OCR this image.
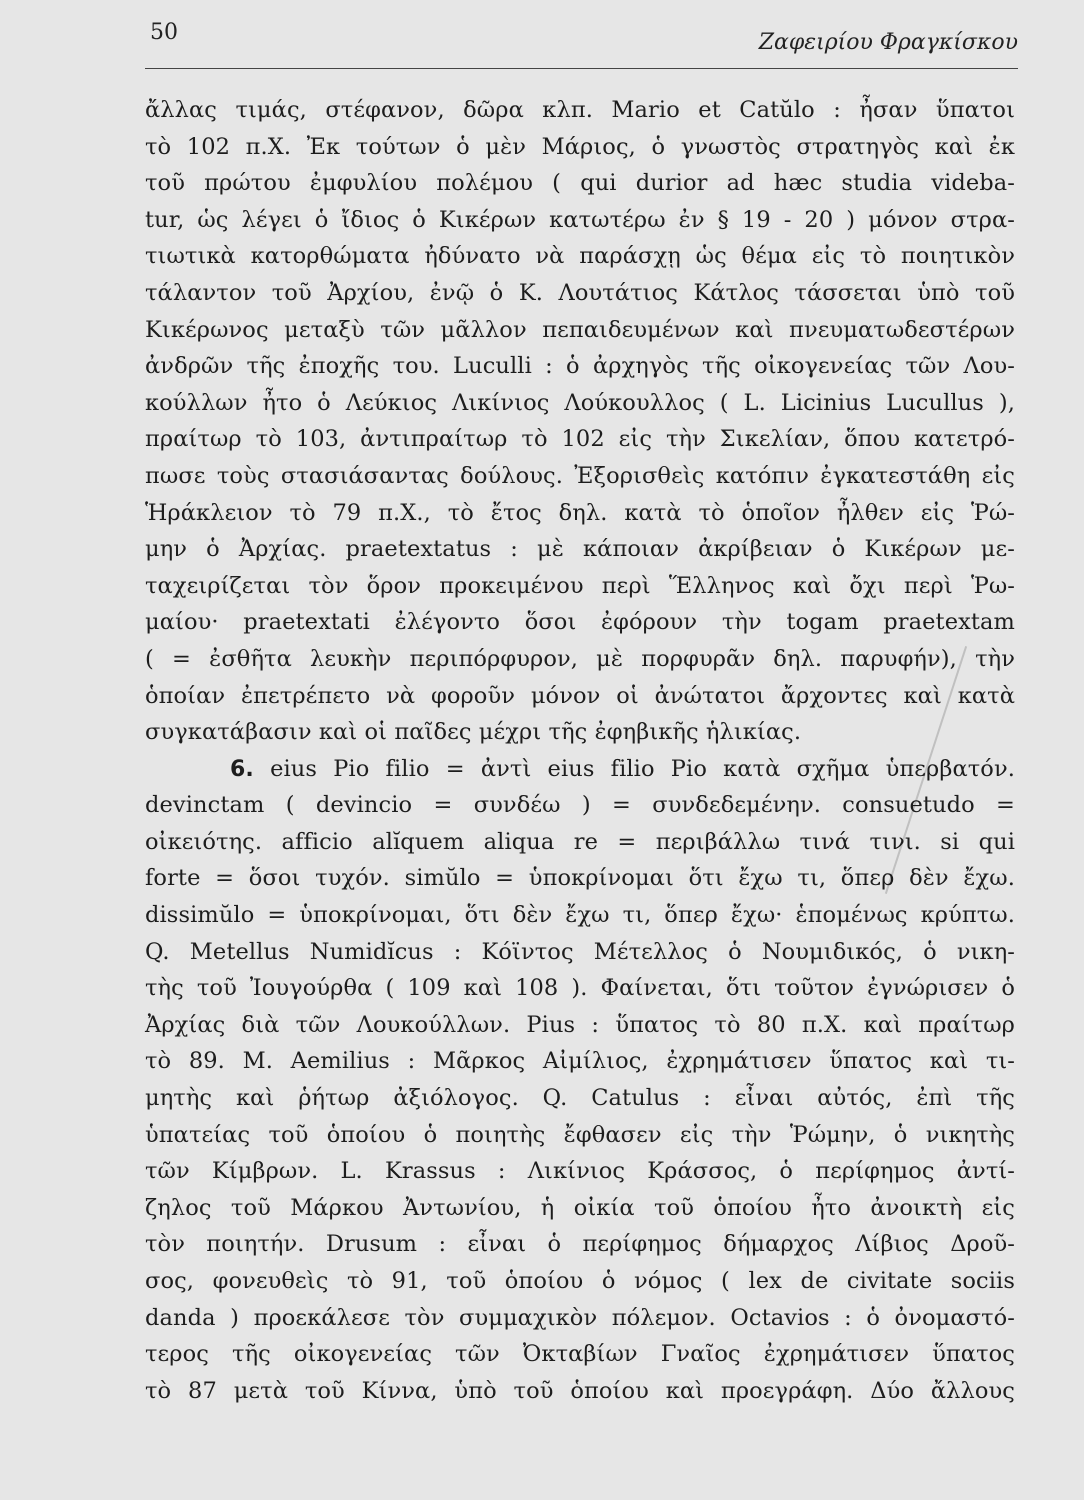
50	Ζαφειρίου Φραγκίσκου
ἄλλας τιμάς, στέφανον, δῶρα κλπ. Mario et Catŭlo : ἦσαν ὕπατοι
τὸ 102 π.Χ. Ἐκ τούτων ὁ μὲν Μάριος, ὁ γνωστὸς στρατηγὸς καὶ ἐκ
τοῦ πρώτου ἐμφυλίου πολέμου ( qui durior ad hæc studia videba-
tur, ὡς λέγει ὁ ἴδιος ὁ Κικέρων κατωτέρω ἐν § 19 - 20 ) μόνον στρα-
τιωτικὰ κατορθώματα ἠδύνατο νὰ παράσχῃ ὡς θέμα εἰς τὸ ποιητικὸν
τάλαντον τοῦ Ἀρχίου, ἐνῷ ὁ Κ. Λουτάτιος Κάτλος τάσσεται ὑπὸ τοῦ
Κικέρωνος μεταξὺ τῶν μᾶλλον πεπαιδευμένων καὶ πνευματωδεστέρων
ἀνδρῶν τῆς ἐποχῆς του. Luculli : ὁ ἀρχηγὸς τῆς οἰκογενείας τῶν Λου-
κούλλων ἦτο ὁ Λεύκιος Λικίνιος Λούκουλλος ( L. Licinius Lucullus ),
πραίτωρ τὸ 103, ἀντιπραίτωρ τὸ 102 εἰς τὴν Σικελίαν, ὅπου κατετρό-
πωσε τοὺς στασιάσαντας δούλους. Ἐξορισθεὶς κατόπιν ἐγκατεστάθη εἰς
Ἡράκλειον τὸ 79 π.Χ., τὸ ἔτος δηλ. κατὰ τὸ ὁποῖον ἦλθεν εἰς Ῥώ-
μην ὁ Ἀρχίας. praetextatus : μὲ κάποιαν ἀκρίβειαν ὁ Κικέρων με-
ταχειρίζεται τὸν ὅρον προκειμένου περὶ Ἕλληνος καὶ ὄχι περὶ Ῥω-
μαίου· praetextati ἐλέγοντο ὅσοι ἐφόρουν τὴν togam praetextam
( = ἐσθῆτα λευκὴν περιπόρφυρον, μὲ πορφυρᾶν δηλ. παρυφήν), τὴν
ὁποίαν ἐπετρέπετο νὰ φοροῦν μόνον οἱ ἀνώτατοι ἄρχοντες καὶ κατὰ
συγκατάβασιν καὶ οἱ παῖδες μέχρι τῆς ἐφηβικῆς ἡλικίας.
6. eius Pio filio = ἀντὶ eius filio Pio κατὰ σχῆμα ὑπερβατόν.
devinctam ( devincio = συνδέω ) = συνδεδεμένην. consuetudo =
οἰκειότης. afficio alĭquem aliqua re = περιβάλλω τινά τινι. si qui
forte = ὅσοι τυχόν. simŭlo = ὑποκρίνομαι ὅτι ἔχω τι, ὅπερ δὲν ἔχω.
dissimŭlo = ὑποκρίνομαι, ὅτι δὲν ἔχω τι, ὅπερ ἔχω· ἑπομένως κρύπτω.
Q. Metellus Numidĭcus : Κόϊντος Μέτελλος ὁ Νουμιδικός, ὁ νικη-
τὴς τοῦ Ἰουγούρθα ( 109 καὶ 108 ). Φαίνεται, ὅτι τοῦτον ἐγνώρισεν ὁ
Ἀρχίας διὰ τῶν Λουκούλλων. Pius : ὕπατος τὸ 80 π.Χ. καὶ πραίτωρ
τὸ 89. M. Aemilius : Μᾶρκος Αἰμίλιος, ἐχρημάτισεν ὕπατος καὶ τι-
μητὴς καὶ ῥήτωρ ἀξιόλογος. Q. Catulus : εἶναι αὐτός, ἐπὶ τῆς
ὑπατείας τοῦ ὁποίου ὁ ποιητὴς ἔφθασεν εἰς τὴν Ῥώμην, ὁ νικητὴς
τῶν Κίμβρων. L. Krassus : Λικίνιος Κράσσος, ὁ περίφημος ἀντί-
ζηλος τοῦ Μάρκου Ἀντωνίου, ἡ οἰκία τοῦ ὁποίου ἦτο ἀνοικτὴ εἰς
τὸν ποιητήν. Drusum : εἶναι ὁ περίφημος δήμαρχος Λίβιος Δροῦ-
σος, φονευθεὶς τὸ 91, τοῦ ὁποίου ὁ νόμος ( lex de civitate sociis
danda ) προεκάλεσε τὸν συμμαχικὸν πόλεμον. Octavios : ὁ ὀνομαστό-
τερος τῆς οἰκογενείας τῶν Ὀκταβίων Γναῖος ἐχρημάτισεν ὕπατος
τὸ 87 μετὰ τοῦ Κίννα, ὑπὸ τοῦ ὁποίου καὶ προεγράφη. Δύο ἄλλους
